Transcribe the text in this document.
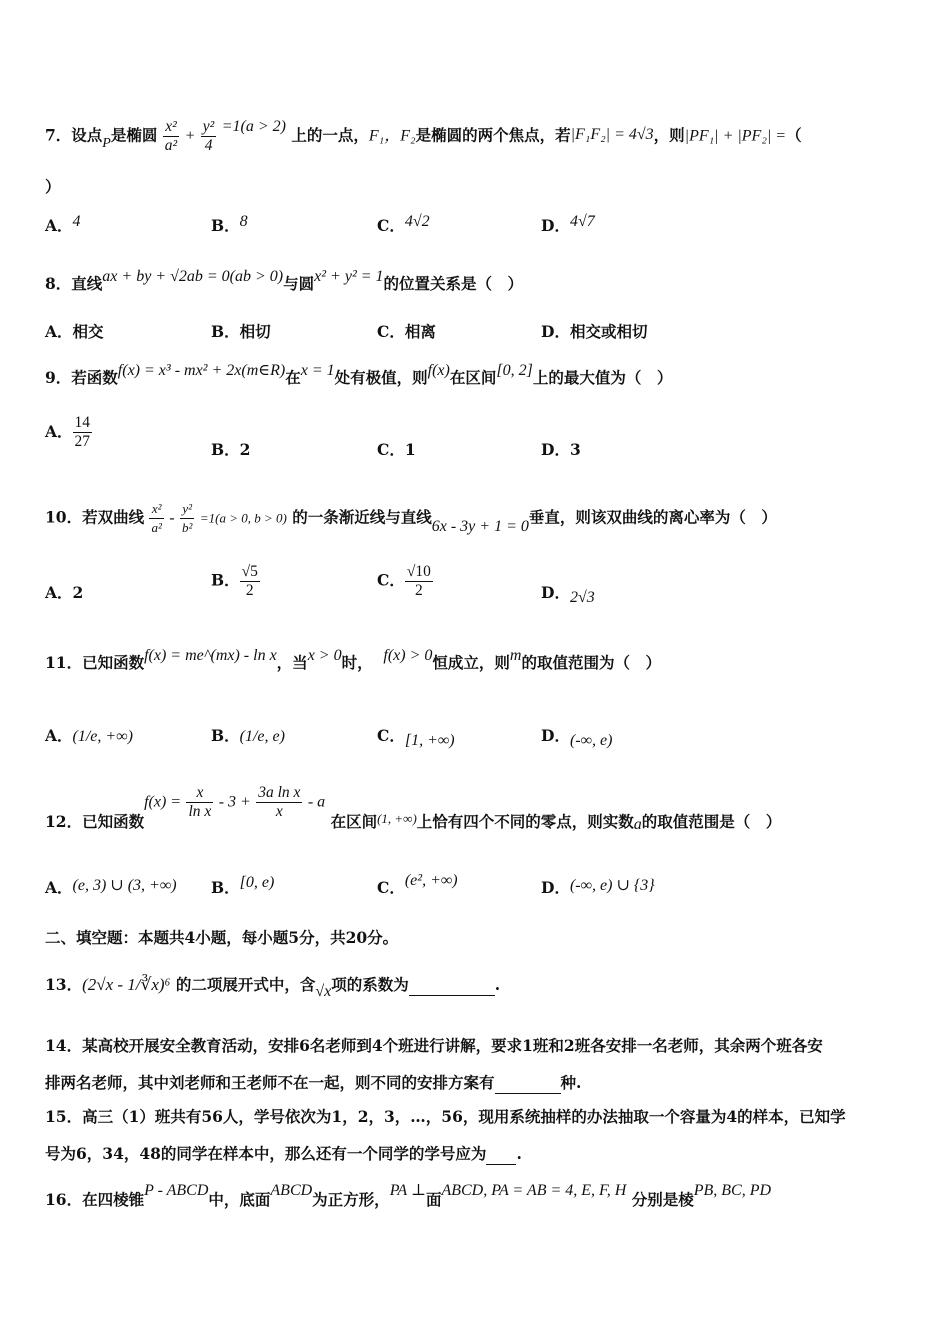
7．设点P是椭圆 $\frac{\text{x²}}{\text{a²}} + \frac{\text{y²}}{4} =1(a > 2)$ 上的一点，F₁，F₂是椭圆的两个焦点，若|F₁F₂| = 4√3，则|PF₁| + |PF₂| =（
）
A．4	B．8	C．4√2	D．4√7
8．直线ax + by + √2ab = 0(ab > 0)与圆x² + y² = 1的位置关系是（　）
A．相交	B．相切	C．相离	D．相交或相切
9．若函数f(x) = x³ - mx² + 2x(m∈R)在x = 1处有极值，则f(x)在区间[0, 2]上的最大值为（　）
A． $\frac{14}{27}$	B．2	C．1	D．3
10．若双曲线 $\frac{\text{x²}}{\text{a²}} - \frac{\text{y²}}{\text{b²}} =1(a > 0$, b > 0) 的一条渐近线与直线6x - 3y + 1 = 0垂直，则该双曲线的离心率为（　）
A．2
B． $\frac{√5}{2}$	C． $\frac{√10}{2}$	D．2√3
11．已知函数f(x) = me^(mx) - ln x，当x > 0时， f(x) > 0恒成立，则m的取值范围为（　）
A．(1/e, +∞)	B．(1/e, e)	C．[1, +∞)	D．(-∞, e)
12．已知函数$f(x) = \frac{x}{\text{ln x}} - 3 + \frac{\text{3a ln x}}{x} - a$ 在区间$_{(1, +\infty)}$上恰有四个不同的零点，则实数a的取值范围是（　）
A．(e, 3) ∪ (3, +∞) B．[0, e)	C．(e², +∞)	D．(-∞, e) ∪ {3}
二、填空题：本题共4小题，每小题5分，共20分。
13．(2√x - 1/∛x)⁶ 的二项展开式中，含√x项的系数为	.
14．某高校开展安全教育活动，安排6名老师到4个班进行讲解，要求1班和2班各安排一名老师，其余两个班各安
排两名老师，其中刘老师和王老师不在一起，则不同的安排方案有	种.
15．高三（1）班共有56人，学号依次为1，2，3，…，56，现用系统抽样的办法抽取一个容量为4的样本，已知学
号为6，34，48的同学在样本中，那么还有一个同学的学号应为 .
16．在四棱锥P - ABCD中，底面ABCD为正方形，PA ⊥面ABCD, PA = AB = 4, E, F, H 分别是棱PB, BC, PD
